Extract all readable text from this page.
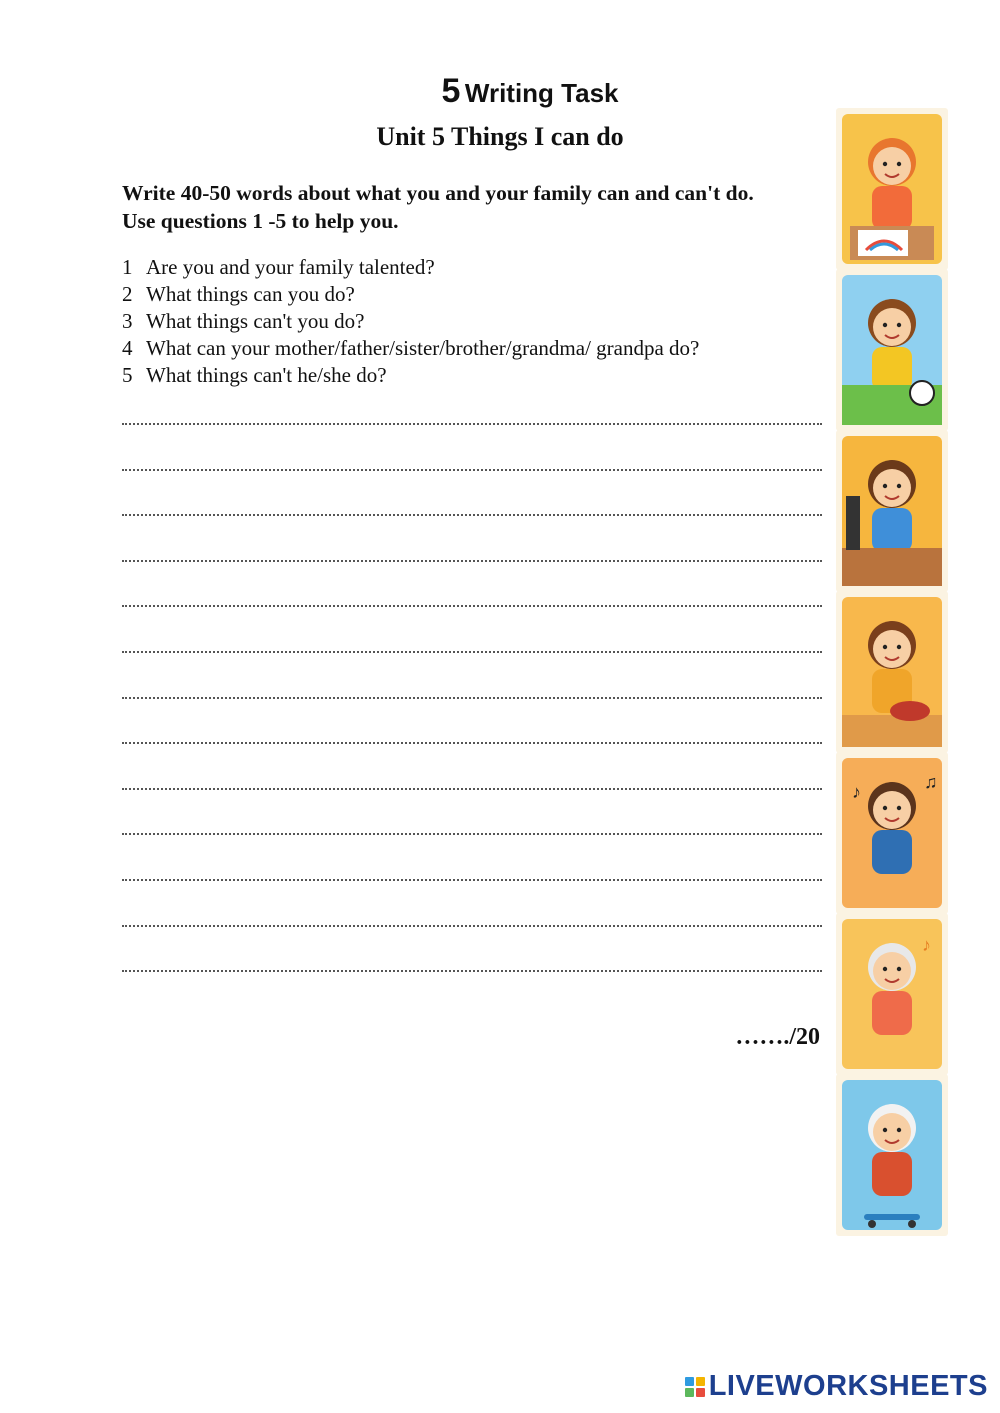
5 Writing Task
Unit 5 Things I can do
Write 40-50 words about what you and your family can and can't do.
Use questions 1 -5 to help you.
1 Are you and your family talented?
2 What things can you do?
3 What things can't you do?
4 What can your mother/father/sister/brother/grandma/ grandpa do?
5 What things can't he/she do?
……./20
♪	♫
♪
LIVEWORKSHEETS
